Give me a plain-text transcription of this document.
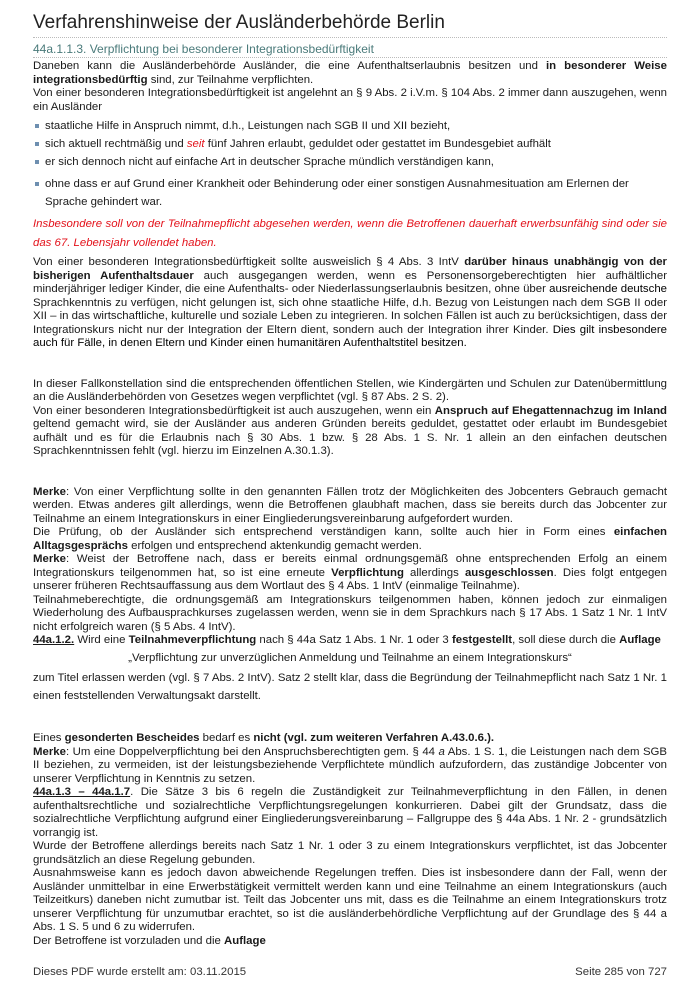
Verfahrenshinweise der Ausländerbehörde Berlin
44a.1.1.3. Verpflichtung bei besonderer Integrationsbedürftigkeit

Daneben kann die Ausländerbehörde Ausländer, die eine Aufenthaltserlaubnis besitzen und in besonderer Weise integrationsbedürftig sind, zur Teilnahme verpflichten.

Von einer besonderen Integrationsbedürftigkeit ist angelehnt an § 9 Abs. 2 i.V.m. § 104 Abs. 2 immer dann auszugehen, wenn ein Ausländer

staatliche Hilfe in Anspruch nimmt, d.h., Leistungen nach SGB II und XII bezieht,
sich aktuell rechtmäßig und seit fünf Jahren erlaubt, geduldet oder gestattet im Bundesgebiet aufhält
er sich dennoch nicht auf einfache Art in deutscher Sprache mündlich verständigen kann,
ohne dass er auf Grund einer Krankheit oder Behinderung oder einer sonstigen Ausnahmesituation am Erlernen der Sprache gehindert war.

Insbesondere soll von der Teilnahmepflicht abgesehen werden, wenn die Betroffenen dauerhaft erwerbsunfähig sind oder sie das 67. Lebensjahr vollendet haben.

Von einer besonderen Integrationsbedürftigkeit sollte ausweislich § 4 Abs. 3 IntV darüber hinaus unabhängig von der bisherigen Aufenthaltsdauer auch ausgegangen werden, wenn es Personensorgeberechtigten hier aufhältlicher minderjähriger lediger Kinder, die eine Aufenthalts- oder Niederlassungserlaubnis besitzen, ohne über ausreichende deutsche Sprachkenntnis zu verfügen, nicht gelungen ist, sich ohne staatliche Hilfe, d.h. Bezug von Leistungen nach dem SGB II oder XII – in das wirtschaftliche, kulturelle und soziale Leben zu integrieren. In solchen Fällen ist auch zu berücksichtigen, dass der Integrationskurs nicht nur der Integration der Eltern dient, sondern auch der Integration ihrer Kinder. Dies gilt insbesondere auch für Fälle, in denen Eltern und Kinder einen humanitären Aufenthaltstitel besitzen.

In dieser Fallkonstellation sind die entsprechenden öffentlichen Stellen, wie Kindergärten und Schulen zur Datenübermittlung an die Ausländerbehörden von Gesetzes wegen verpflichtet (vgl. § 87 Abs. 2 S. 2).

Von einer besonderen Integrationsbedürftigkeit ist auch auszugehen, wenn ein Anspruch auf Ehegattennachzug im Inland geltend gemacht wird, sie der Ausländer aus anderen Gründen bereits geduldet, gestattet oder erlaubt im Bundesgebiet aufhält und es für die Erlaubnis nach § 30 Abs. 1 bzw. § 28 Abs. 1 S. Nr. 1 allein an den einfachen deutschen Sprachkenntnissen fehlt (vgl. hierzu im Einzelnen A.30.1.3).

Merke: Von einer Verpflichtung sollte in den genannten Fällen trotz der Möglichkeiten des Jobcenters Gebrauch gemacht werden. Etwas anderes gilt allerdings, wenn die Betroffenen glaubhaft machen, dass sie bereits durch das Jobcenter zur Teilnahme an einem Integrationskurs in einer Eingliederungsvereinbarung aufgefordert wurden.

Die Prüfung, ob der Ausländer sich entsprechend verständigen kann, sollte auch hier in Form eines einfachen Alltagsgesprächs erfolgen und entsprechend aktenkundig gemacht werden.

Merke: Weist der Betroffene nach, dass er bereits einmal ordnungsgemäß ohne entsprechenden Erfolg an einem Integrationskurs teilgenommen hat, so ist eine erneute Verpflichtung allerdings ausgeschlossen. Dies folgt entgegen unserer früheren Rechtsauffassung aus dem Wortlaut des § 4 Abs. 1 IntV (einmalige Teilnahme).

Teilnahmeberechtigte, die ordnungsgemäß am Integrationskurs teilgenommen haben, können jedoch zur einmaligen Wiederholung des Aufbausprachkurses zugelassen werden, wenn sie in dem Sprachkurs nach § 17 Abs. 1 Satz 1 Nr. 1 IntV nicht erfolgreich waren (§ 5 Abs. 4 IntV).

44a.1.2. Wird eine Teilnahmeverpflichtung nach § 44a Satz 1 Abs. 1 Nr. 1 oder 3 festgestellt, soll diese durch die Auflage

„Verpflichtung zur unverzüglichen Anmeldung und Teilnahme an einem Integrationskurs“

zum Titel erlassen werden (vgl. § 7 Abs. 2 IntV). Satz 2 stellt klar, dass die Begründung der Teilnahmepflicht nach Satz 1 Nr. 1 einen feststellenden Verwaltungsakt darstellt.

Eines gesonderten Bescheides bedarf es nicht (vgl. zum weiteren Verfahren A.43.0.6.).

Merke: Um eine Doppelverpflichtung bei den Anspruchsberechtigten gem. § 44 a Abs. 1 S. 1, die Leistungen nach dem SGB II beziehen, zu vermeiden, ist der leistungsbeziehende Verpflichtete mündlich aufzufordern, das zuständige Jobcenter von unserer Verpflichtung in Kenntnis zu setzen.

44a.1.3 – 44a.1.7. Die Sätze 3 bis 6 regeln die Zuständigkeit zur Teilnahmeverpflichtung in den Fällen, in denen aufenthaltsrechtliche und sozialrechtliche Verpflichtungsregelungen konkurrieren. Dabei gilt der Grundsatz, dass die sozialrechtliche Verpflichtung aufgrund einer Eingliederungsvereinbarung – Fallgruppe des § 44a Abs. 1 Nr. 2 - grundsätzlich vorrangig ist.

Wurde der Betroffene allerdings bereits nach Satz 1 Nr. 1 oder 3 zu einem Integrationskurs verpflichtet, ist das Jobcenter grundsätzlich an diese Regelung gebunden.

Ausnahmsweise kann es jedoch davon abweichende Regelungen treffen. Dies ist insbesondere dann der Fall, wenn der Ausländer unmittelbar in eine Erwerbstätigkeit vermittelt werden kann und eine Teilnahme an einem Integrationskurs (auch Teilzeitkurs) daneben nicht zumutbar ist. Teilt das Jobcenter uns mit, dass es die Teilnahme an einem Integrationskurs trotz unserer Verpflichtung für unzumutbar erachtet, so ist die ausländerbehördliche Verpflichtung auf der Grundlage des § 44 a Abs. 1 S. 5 und 6 zu widerrufen.

Der Betroffene ist vorzuladen und die Auflage

Dieses PDF wurde erstellt am: 03.11.2015	Seite 285 von 727
